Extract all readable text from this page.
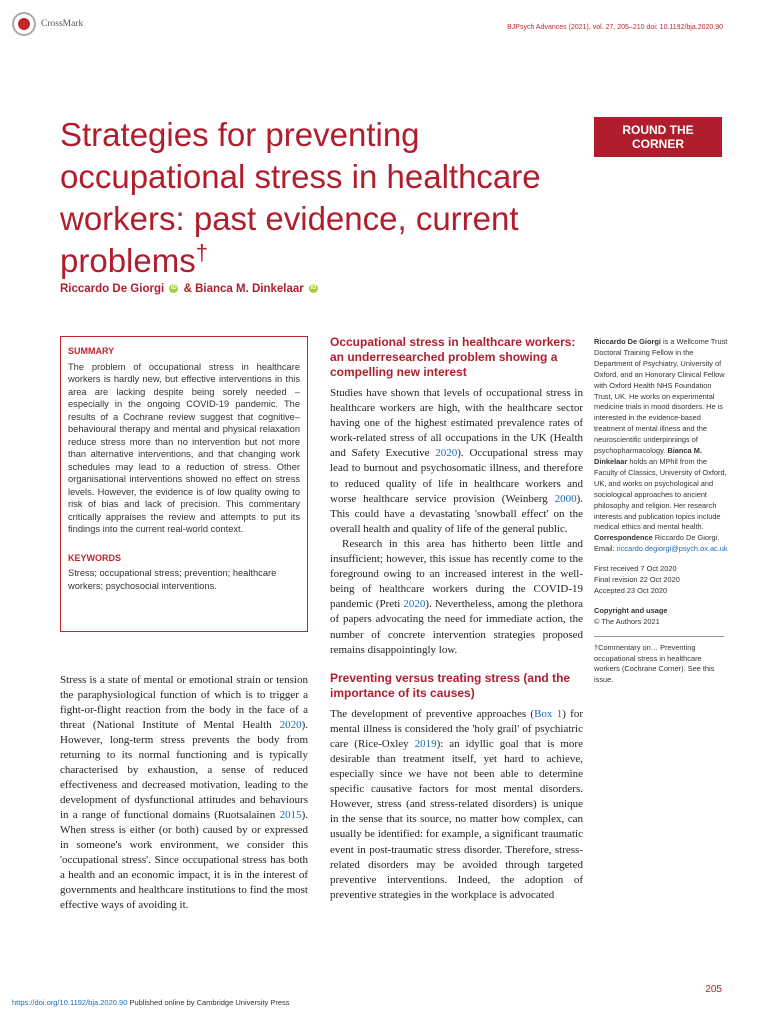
CrossMark	BJPsych Advances (2021), vol. 27, 205–210 doi: 10.1192/bja.2020.90
Strategies for preventing occupational stress in healthcare workers: past evidence, current problems†
ROUND THE
CORNER
Riccardo De Giorgi iD & Bianca M. Dinkelaar iD
SUMMARY
The problem of occupational stress in healthcare workers is hardly new, but effective interventions in this area are lacking despite being sorely needed – especially in the ongoing COVID-19 pandemic. The results of a Cochrane review suggest that cognitive–behavioural therapy and mental and physical relaxation reduce stress more than no intervention but not more than alternative interventions, and that changing work schedules may lead to a reduction of stress. Other organisational interventions showed no effect on stress levels. However, the evidence is of low quality owing to risk of bias and lack of precision. This commentary critically appraises the review and attempts to put its findings into the current real-world context.
KEYWORDS
Stress; occupational stress; prevention; healthcare workers; psychosocial interventions.

Stress is a state of mental or emotional strain or tension the paraphysiological function of which is to trigger a fight-or-flight reaction from the body in the face of a threat (National Institute of Mental Health 2020). However, long-term stress prevents the body from returning to its normal functioning and is typically characterised by exhaustion, a sense of reduced effectiveness and decreased motivation, leading to the development of dysfunctional attitudes and behaviours in a range of functional domains (Ruotsalainen 2015). When stress is either (or both) caused by or expressed in someone's work environment, we consider this 'occupational stress'. Since occupational stress has both a health and an economic impact, it is in the interest of governments and healthcare institutions to find the most effective ways of avoiding it.

Occupational stress in healthcare workers: an underresearched problem showing a compelling new interest

Studies have shown that levels of occupational stress in healthcare workers are high, with the healthcare sector having one of the highest estimated prevalence rates of work-related stress of all occupations in the UK (Health and Safety Executive 2020). Occupational stress may lead to burnout and psychosomatic illness, and therefore to reduced quality of life in healthcare workers and worse healthcare service provision (Weinberg 2000). This could have a devastating 'snowball effect' on the overall health and quality of life of the general public.

Research in this area has hitherto been little and insufficient; however, this issue has recently come to the foreground owing to an increased interest in the well-being of healthcare workers during the COVID-19 pandemic (Preti 2020). Nevertheless, among the plethora of papers advocating the need for immediate action, the number of concrete intervention strategies proposed remains disappointingly low.

Preventing versus treating stress (and the importance of its causes)

The development of preventive approaches (Box 1) for mental illness is considered the 'holy grail' of psychiatric care (Rice-Oxley 2019): an idyllic goal that is more desirable than treatment itself, yet hard to achieve, especially since we have not been able to determine specific causative factors for most mental disorders. However, stress (and stress-related disorders) is unique in the sense that its source, no matter how complex, can usually be identified: for example, a significant traumatic event in post-traumatic stress disorder. Therefore, stress-related disorders may be avoided through targeted preventive interventions. Indeed, the adoption of preventive strategies in the workplace is advocated

Riccardo De Giorgi is a Wellcome Trust Doctoral Training Fellow in the Department of Psychiatry, University of Oxford, and an Honorary Clinical Fellow with Oxford Health NHS Foundation Trust, UK. He works on experimental medicine trials in mood disorders. He is interested in the evidence-based treatment of mental illness and the neuroscientific underpinnings of psychopharmacology. Bianca M. Dinkelaar holds an MPhil from the Faculty of Classics, University of Oxford, UK, and works on psychological and sociological approaches to ancient philosophy and religion. Her research interests and publication topics include medical ethics and mental health.

Correspondence Riccardo De Giorgi. Email: riccardo.degiorgi@psych.ox.ac.uk

First received 7 Oct 2020

Final revision 22 Oct 2020

Accepted 23 Oct 2020

Copyright and usage

© The Authors 2021

†Commentary on… Preventing occupational stress in healthcare workers (Cochrane Corner). See this issue.

https://doi.org/10.1192/bja.2020.90 Published online by Cambridge University Press
205
